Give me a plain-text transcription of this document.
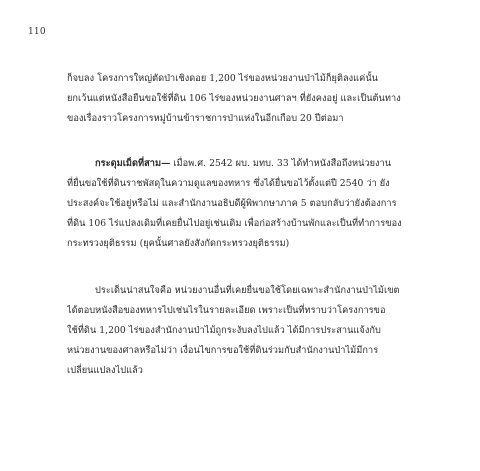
110

ก็จบลง โครงการใหญ่ตัดป่าเชิงดอย 1,200 ไร่ของหน่วยงานป่าไม้ก็ยุติลงแค่นั้น
ยกเว้นแต่หนังสือยืนขอใช้ที่ดิน 106 ไร่ของหน่วยงานศาลฯ ที่ยังคงอยู่ และเป็นต้นทาง
ของเรื่องราวโครงการหมู่บ้านข้าราชการป่าแห่งในอีกเกือบ 20 ปีต่อมา

กระดุมเม็ดที่สาม— เมื่อพ.ศ. 2542 ผบ. มทบ. 33 ได้ทำหนังสือถึงหน่วยงาน
ที่ยื่นขอใช้ที่ดินราชพัสดุในความดูแลของทหาร ซึ่งได้ยื่นขอไว้ตั้งแต่ปี 2540 ว่า ยัง
ประสงค์จะใช้อยู่หรือไม่ และสำนักงานอธิบดีผู้พิพากษาภาค 5 ตอบกลับว่ายังต้องการ
ที่ดิน 106 ไร่แปลงเดิมที่เคยยื่นไปอยู่เช่นเดิม เพื่อก่อสร้างบ้านพักและเป็นที่ทำการของ
กระทรวงยุติธรรม (ยุคนั้นศาลยังสังกัดกระทรวงยุติธรรม)

ประเด็นน่าสนใจคือ หน่วยงานอื่นที่เคยยื่นขอใช้โดยเฉพาะสำนักงานป่าไม้เขต
ได้ตอบหนังสือของทหารไปเช่นไรในรายละเอียด เพราะเป็นที่ทราบว่าโครงการขอ
ใช้ที่ดิน 1,200 ไร่ของสำนักงานป่าไม้ถูกระงับลงไปแล้ว ได้มีการประสานแจ้งกับ
หน่วยงานของศาลหรือไม่ว่า เงื่อนไขการขอใช้ที่ดินร่วมกับสำนักงานป่าไม้มีการ
เปลี่ยนแปลงไปแล้ว
